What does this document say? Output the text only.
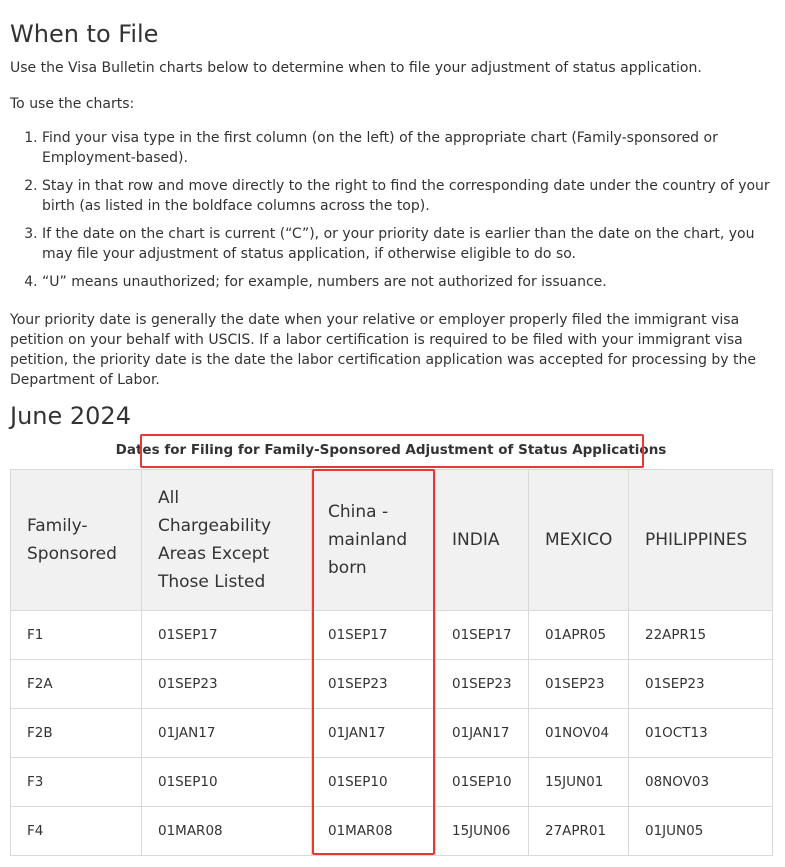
When to File

Use the Visa Bulletin charts below to determine when to file your adjustment of status application.

To use the charts:

1. Find your visa type in the first column (on the left) of the appropriate chart (Family-sponsored or Employment-based).
2. Stay in that row and move directly to the right to find the corresponding date under the country of your birth (as listed in the boldface columns across the top).
3. If the date on the chart is current (“C”), or your priority date is earlier than the date on the chart, you may file your adjustment of status application, if otherwise eligible to do so.
4. “U” means unauthorized; for example, numbers are not authorized for issuance.

Your priority date is generally the date when your relative or employer properly filed the immigrant visa petition on your behalf with USCIS. If a labor certification is required to be filed with your immigrant visa petition, the priority date is the date the labor certification application was accepted for processing by the Department of Labor.

June 2024
Dates for Filing for Family-Sponsored Adjustment of Status Applications
Family-Sponsored	All Chargeability Areas Except Those Listed	China - mainland born	INDIA	MEXICO	PHILIPPINES
F1	01SEP17	01SEP17	01SEP17	01APR05	22APR15
F2A	01SEP23	01SEP23	01SEP23	01SEP23	01SEP23
F2B	01JAN17	01JAN17	01JAN17	01NOV04	01OCT13
F3	01SEP10	01SEP10	01SEP10	15JUN01	08NOV03
F4	01MAR08	01MAR08	15JUN06	27APR01	01JUN05
